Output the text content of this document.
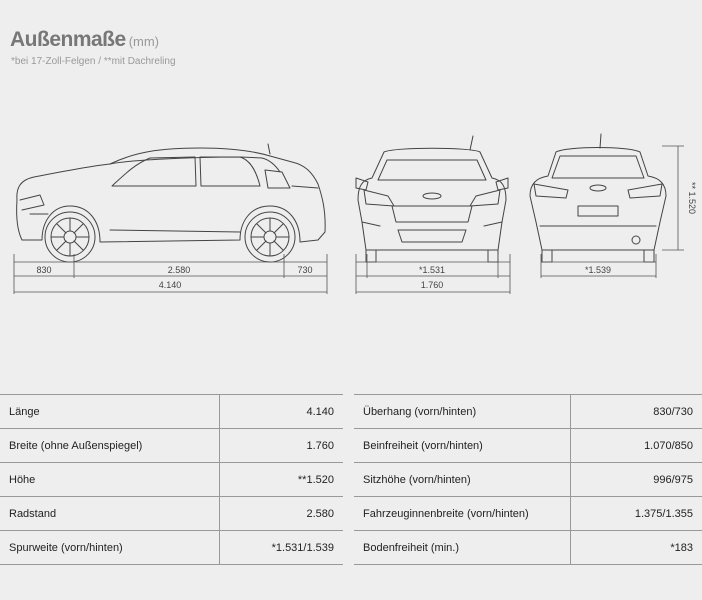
Außenmaße (mm)
*bei 17-Zoll-Felgen / **mit Dachreling
830	2.580	730
4.140
*1.531
1.760
*1.539
** 1.520
Länge	4.140
Breite (ohne Außenspiegel)	1.760
Höhe	**1.520
Radstand	2.580
Spurweite (vorn/hinten)	*1.531/1.539
Überhang (vorn/hinten)	830/730
Beinfreiheit (vorn/hinten)	1.070/850
Sitzhöhe (vorn/hinten)	996/975
Fahrzeuginnenbreite (vorn/hinten)	1.375/1.355
Bodenfreiheit (min.)	*183
